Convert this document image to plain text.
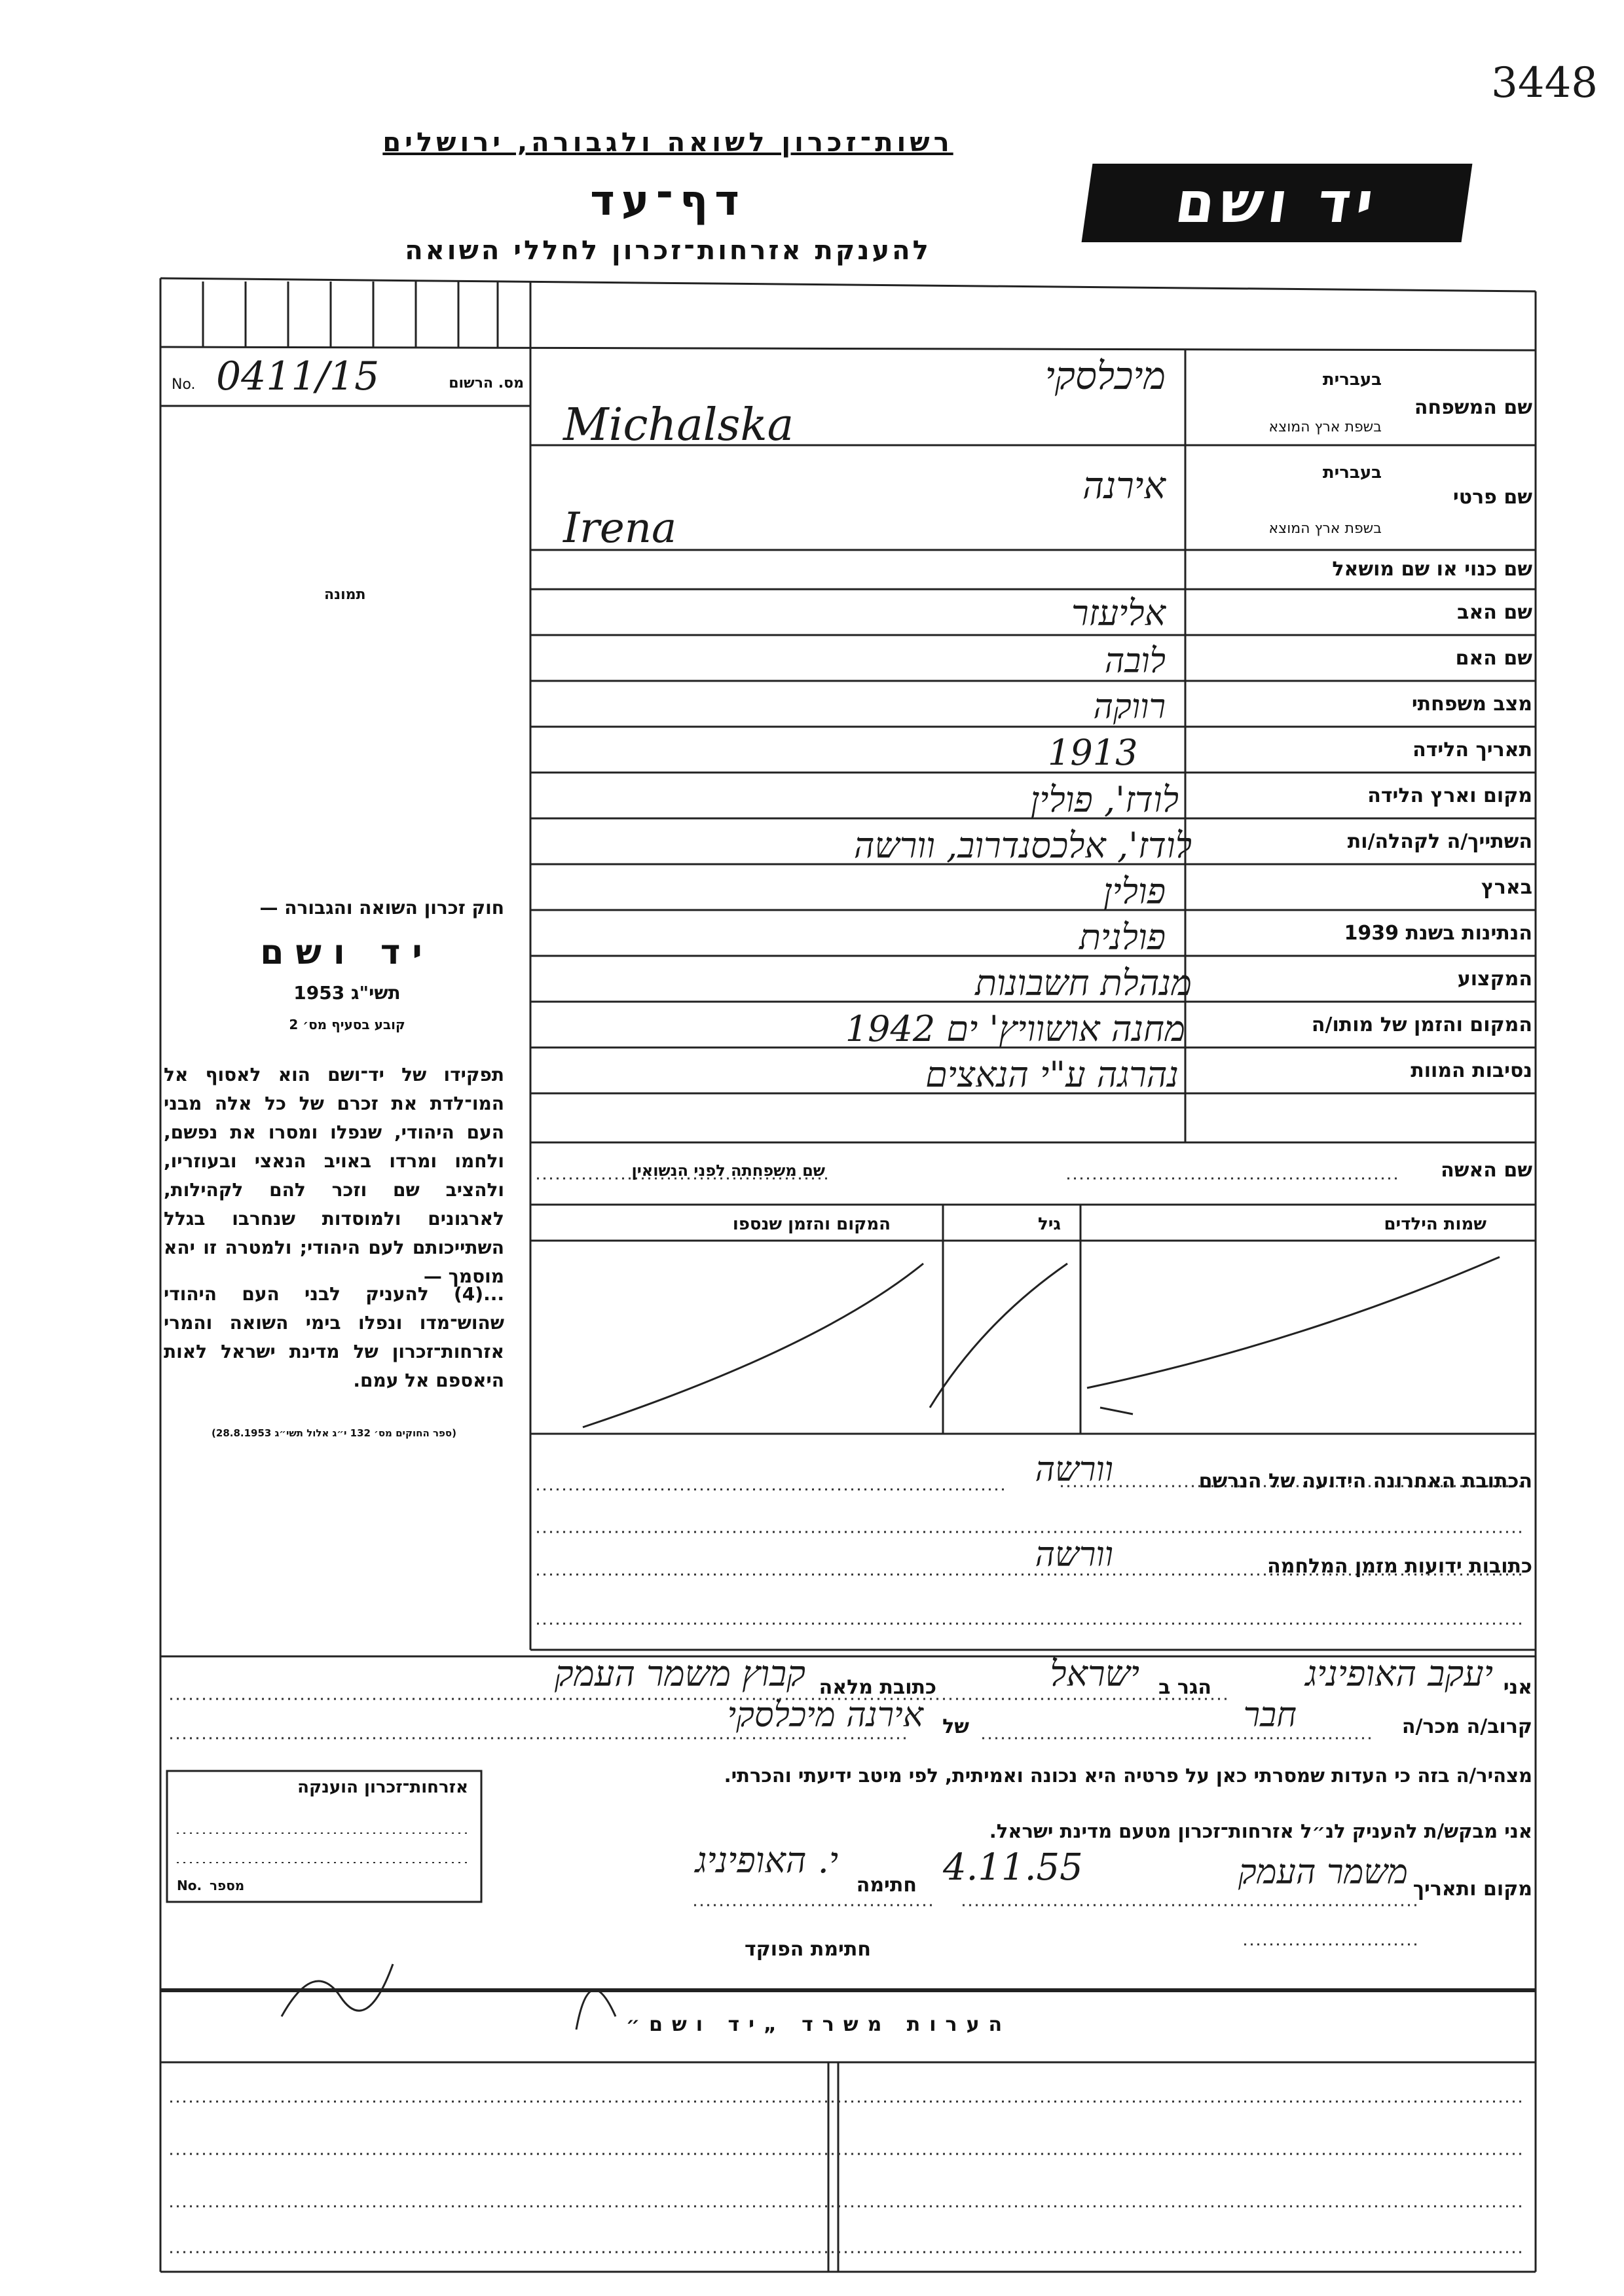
3448
רשות־זכרון לשואה ולגבורה, ירושלים
דף־עד
להענקת אזרחות־זכרון לחללי השואה
יד ושם
מס. הרשום
No. 0411/15
תמונה
שם המשפחה
בעברית
בשפת ארץ המוצא
שם פרטי
בעברית
בשפת ארץ המוצא
שם כנוי או שם מושאל
שם האב
שם האם
מצב משפחתי
תאריך הלידה
מקום וארץ הלידה
השתייך/ה לקהלה/ות
בארץ
הנתינות בשנת 1939
המקצוע
המקום והזמן של מותו/ה
נסיבות המוות
מיכלסקי
Michalska
אירנה
Irena
אליעזר
לובה
רווקה
1913
לודז', פולין
לודז', אלכסנדרוב, וורשה
פולין
פולנית
מנהלת חשבונות
מחנה אושוויץ' ים 1942
נהרגה ע"י הנאצים
שם האשה
שם משפחתה לפני הנשואין
שמות הילדים
גיל
המקום והזמן שנספו
הכתובת האחרונה הידועה של הנרשם
וורשה
כתובות ידועות מזמן המלחמה
וורשה
חוק זכרון השואה והגבורה —
יד ושם
תשי"ג 1953
קובע בסעיף מס׳ 2
תפקידו של יד־ושם הוא לאסוף אל המו־לדת את זכרם של כל אלה מבני העם היהודי, שנפלו ומסרו את נפשם, ולחמו ומרדו באויב הנאצי ובעוזריו, ולהציב שם וזכר להם לקהילות, לארגונים ולמוסדות שנחרבו בגלל השתייכותם לעם היהודי; ולמטרה זו יהא מוסמך —
...(4) להעניק לבני העם היהודי שהוש־מדו ונפלו בימי השואה והמרי אזרחות־זכרון של מדינת ישראל לאות היאספם אל עמם.
(ספר החוקים מס׳ 132 י״ג אלול תשי״ג 28.8.1953)
אני
יעקב האופיניג
הגר ב
ישראל
כתובת מלאה
קבוץ משמר העמק
קרוב/ה מכר/ה
חבר
של
אירנה מיכלסקי
מצהיר/ה בזה כי העדות שמסרתי כאן על פרטיה היא נכונה ואמיתית, לפי מיטב ידיעתי והכרתי.
אני מבקש/ת להעניק לנ״ל אזרחות־זכרון מטעם מדינת ישראל.
מקום ותאריך
משמר העמק
4.11.55
חתימה
י. האופיניג
חתימת הפוקד
אזרחות־זכרון הוענקה
מספר
No.
הערות משרד „יד ושם״
